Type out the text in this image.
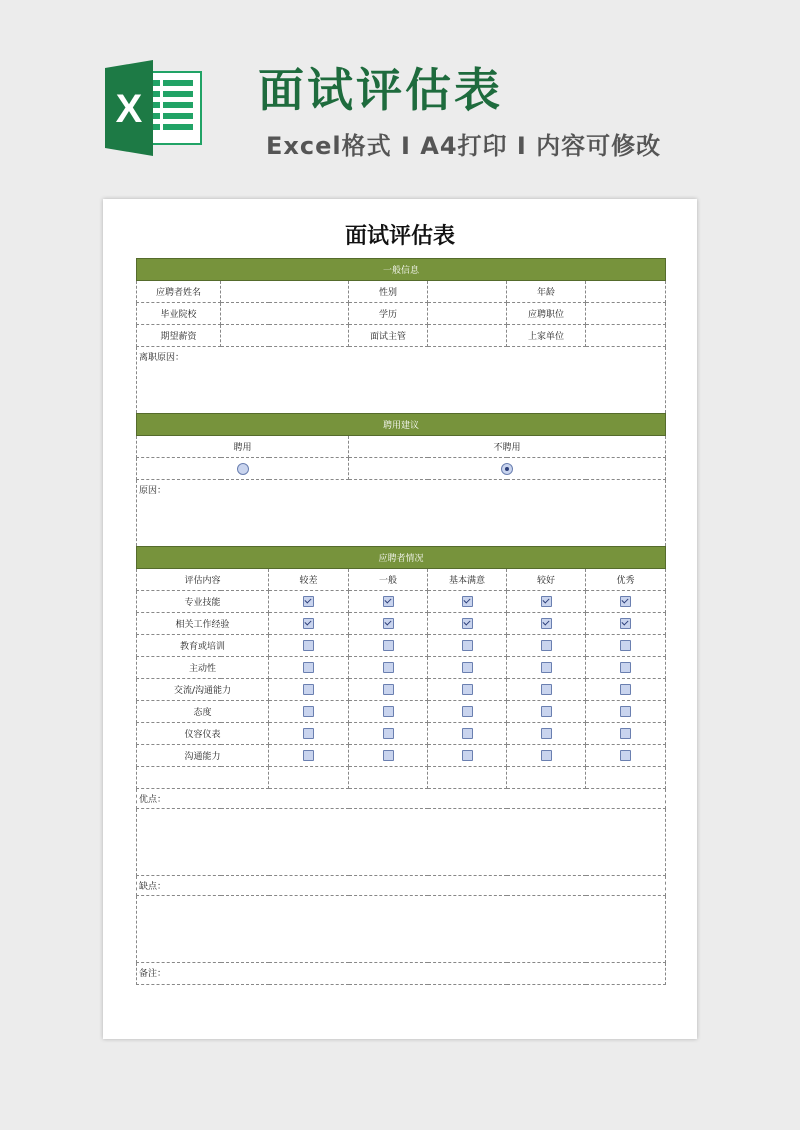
X	面试评估表
Excel格式 I A4打印 I 内容可修改
面试评估表
一般信息						
应聘者姓名			性别		年龄	
毕业院校			学历		应聘职位	
期望薪资			面试主管		上家单位	
离职原因：						
聘用建议						
聘用			不聘用			

原因：						
应聘者情况						
评估内容		较差	一般	基本满意	较好	优秀
专业技能						
相关工作经验						
教育或培训						
主动性						
交流/沟通能力						
态度						
仪容仪表						
沟通能力						

优点：						

缺点：						

备注：						
